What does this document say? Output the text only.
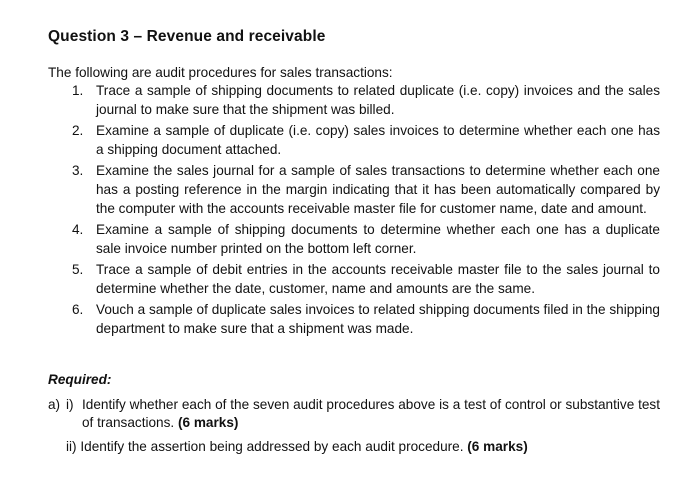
Question 3 – Revenue and receivable
The following are audit procedures for sales transactions:
1. Trace a sample of shipping documents to related duplicate (i.e. copy) invoices and the sales journal to make sure that the shipment was billed.
2. Examine a sample of duplicate (i.e. copy) sales invoices to determine whether each one has a shipping document attached.
3. Examine the sales journal for a sample of sales transactions to determine whether each one has a posting reference in the margin indicating that it has been automatically compared by the computer with the accounts receivable master file for customer name, date and amount.
4. Examine a sample of shipping documents to determine whether each one has a duplicate sale invoice number printed on the bottom left corner.
5. Trace a sample of debit entries in the accounts receivable master file to the sales journal to determine whether the date, customer, name and amounts are the same.
6. Vouch a sample of duplicate sales invoices to related shipping documents filed in the shipping department to make sure that a shipment was made.
Required:
a) i) Identify whether each of the seven audit procedures above is a test of control or substantive test of transactions. (6 marks)
ii) Identify the assertion being addressed by each audit procedure. (6 marks)
